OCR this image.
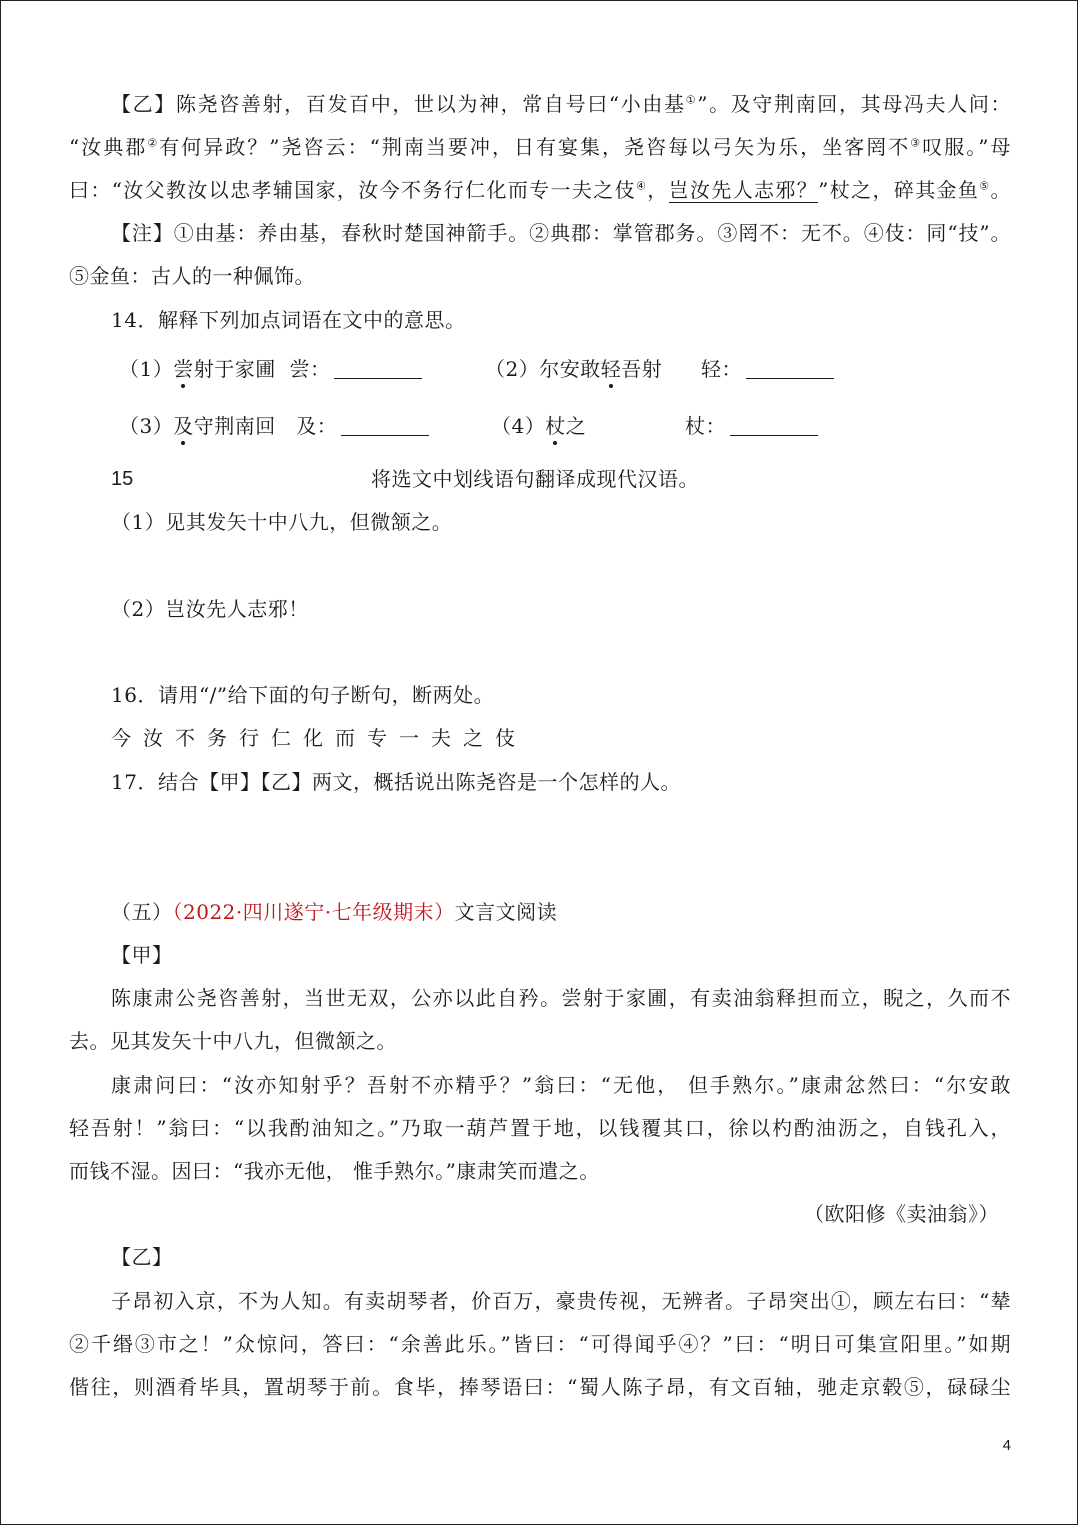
【乙】陈尧咨善射，百发百中，世以为神，常自号曰“小由基①”。及守荆南回，其母冯夫人问：
“汝典郡②有何异政？”尧咨云：“荆南当要冲，日有宴集，尧咨每以弓矢为乐，坐客罔不③叹服。”母
曰：“汝父教汝以忠孝辅国家，汝今不务行仁化而专一夫之伎④，岂汝先人志邪？”杖之，碎其金鱼⑤。
【注】①由基：养由基，春秋时楚国神箭手。②典郡：掌管郡务。③罔不：无不。④伎：同“技”。
⑤金鱼：古人的一种佩饰。
14．解释下列加点词语在文中的意思。
（1）尝射于家圃 尝：	（2）尔安敢轻吾射 轻：
（3）及守荆南回 及：	（4）杖之	杖：
15	将选文中划线语句翻译成现代汉语。
（1）见其发矢十中八九，但微颔之。
（2）岂汝先人志邪！
16．请用“/”给下面的句子断句，断两处。
今汝不务行仁化而专一夫之伎
17．结合【甲】【乙】两文，概括说出陈尧咨是一个怎样的人。
（五）（2022·四川遂宁·七年级期末）文言文阅读
【甲】
陈康肃公尧咨善射，当世无双，公亦以此自矜。尝射于家圃，有卖油翁释担而立，睨之，久而不
去。见其发矢十中八九，但微颔之。
康肃问曰：“汝亦知射乎？吾射不亦精乎？”翁曰：“无他， 但手熟尔。”康肃忿然曰：“尔安敢
轻吾射！”翁曰：“以我酌油知之。”乃取一葫芦置于地，以钱覆其口，徐以杓酌油沥之，自钱孔入，
而钱不湿。因曰：“我亦无他， 惟手熟尔。”康肃笑而遣之。
（欧阳修《卖油翁》）
【乙】
子昂初入京，不为人知。有卖胡琴者，价百万，豪贵传视，无辨者。子昂突出①，顾左右曰：“辇
②千缗③市之！”众惊问，答曰：“余善此乐。”皆曰：“可得闻乎④？”曰：“明日可集宣阳里。”如期
偕往，则酒肴毕具，置胡琴于前。食毕，捧琴语曰：“蜀人陈子昂，有文百轴，驰走京毂⑤，碌碌尘
4
